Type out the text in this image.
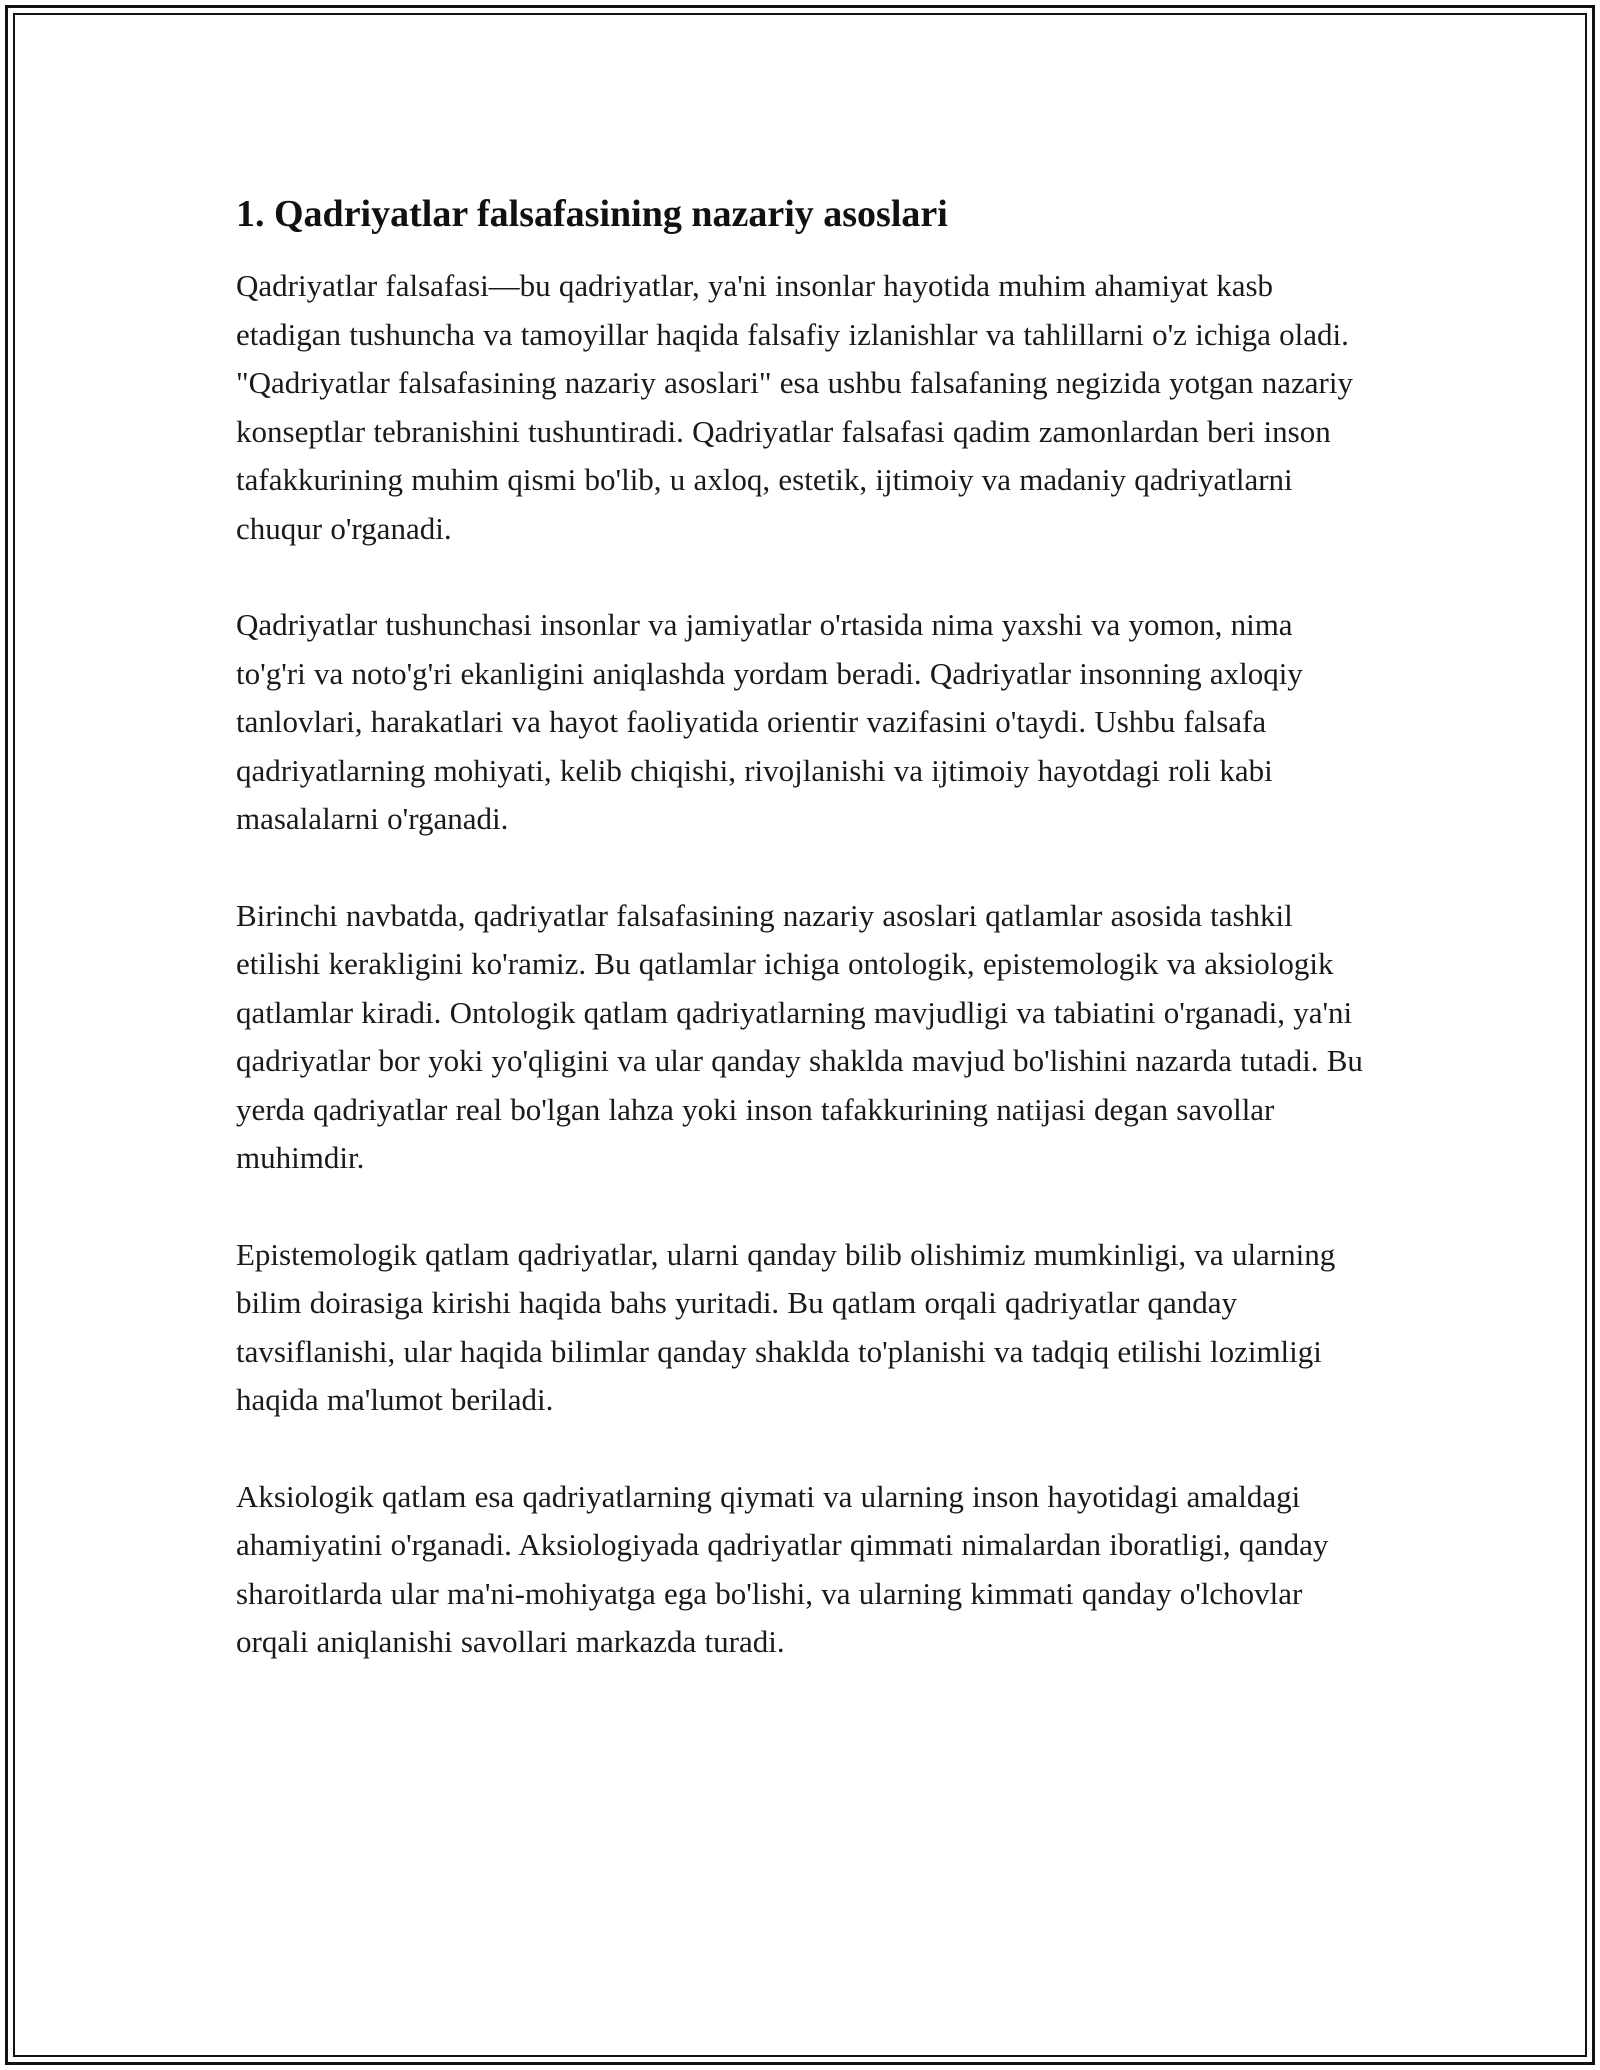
1. Qadriyatlar falsafasining nazariy asoslari

Qadriyatlar falsafasi—bu qadriyatlar, ya'ni insonlar hayotida muhim ahamiyat kasb etadigan tushuncha va tamoyillar haqida falsafiy izlanishlar va tahlillarni o'z ichiga oladi. "Qadriyatlar falsafasining nazariy asoslari" esa ushbu falsafaning negizida yotgan nazariy konseptlar tebranishini tushuntiradi. Qadriyatlar falsafasi qadim zamonlardan beri inson tafakkurining muhim qismi bo'lib, u axloq, estetik, ijtimoiy va madaniy qadriyatlarni chuqur o'rganadi.

Qadriyatlar tushunchasi insonlar va jamiyatlar o'rtasida nima yaxshi va yomon, nima to'g'ri va noto'g'ri ekanligini aniqlashda yordam beradi. Qadriyatlar insonning axloqiy tanlovlari, harakatlari va hayot faoliyatida orientir vazifasini o'taydi. Ushbu falsafa qadriyatlarning mohiyati, kelib chiqishi, rivojlanishi va ijtimoiy hayotdagi roli kabi masalalarni o'rganadi.

Birinchi navbatda, qadriyatlar falsafasining nazariy asoslari qatlamlar asosida tashkil etilishi kerakligini ko'ramiz. Bu qatlamlar ichiga ontologik, epistemologik va aksiologik qatlamlar kiradi. Ontologik qatlam qadriyatlarning mavjudligi va tabiatini o'rganadi, ya'ni qadriyatlar bor yoki yo'qligini va ular qanday shaklda mavjud bo'lishini nazarda tutadi. Bu yerda qadriyatlar real bo'lgan lahza yoki inson tafakkurining natijasi degan savollar muhimdir.

Epistemologik qatlam qadriyatlar, ularni qanday bilib olishimiz mumkinligi, va ularning bilim doirasiga kirishi haqida bahs yuritadi. Bu qatlam orqali qadriyatlar qanday tavsiflanishi, ular haqida bilimlar qanday shaklda to'planishi va tadqiq etilishi lozimligi haqida ma'lumot beriladi.

Aksiologik qatlam esa qadriyatlarning qiymati va ularning inson hayotidagi amaldagi ahamiyatini o'rganadi. Aksiologiyada qadriyatlar qimmati nimalardan iboratligi, qanday sharoitlarda ular ma'ni-mohiyatga ega bo'lishi, va ularning kimmati qanday o'lchovlar orqali aniqlanishi savollari markazda turadi.
